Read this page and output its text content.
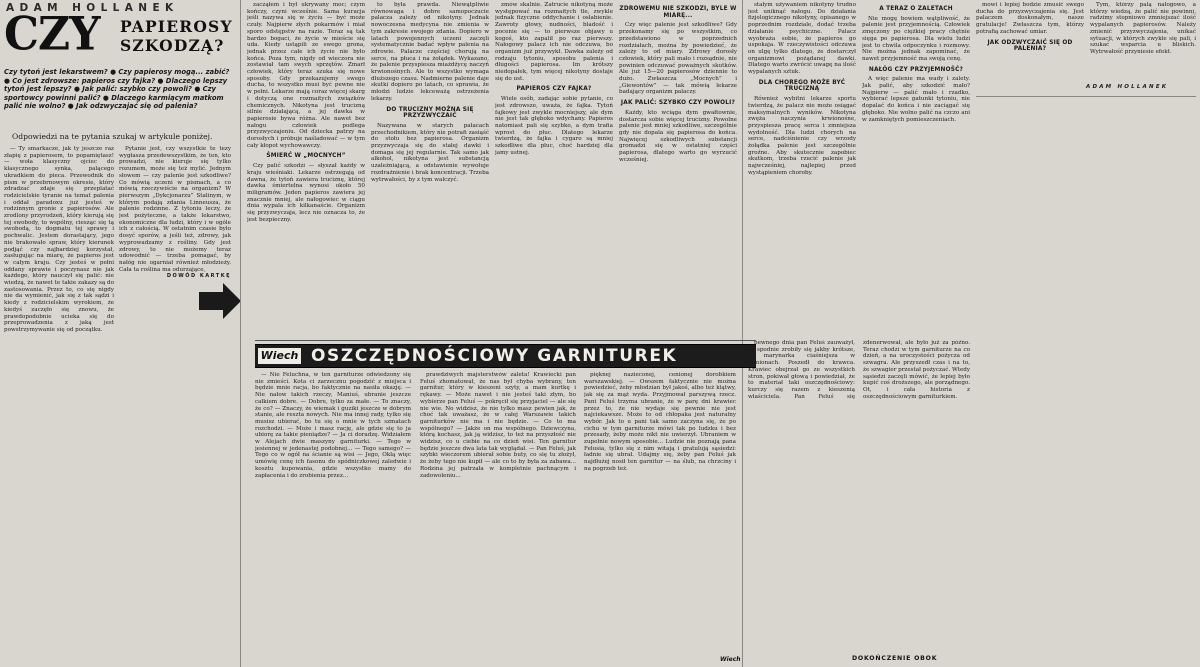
ADAM HOLLANEK
CZY PAPIEROSY
SZKODZĄ?
Czy tytoń jest lekarstwem? ● Czy papierosy mogą... zabić? ● Co jest zdrowsze: papieros czy fajka? ● Dlaczego lepszy tytoń jest lepszy? ● Jak palić: szybko czy powoli? ● Czy sportowcy powinni palić? ● Dlaczego karmiącym matkom palić nie wolno? ● Jak odzwyczajać się od palenia?
Odpowiedzi na te pytania szukaj w artykule poniżej.

— Ty smarkacze, jak ty jeszcze raz złapię z papierosem, to popamiętasz! — woła klasyczny ojciec do klasycznego synka, palącego ukradkiem do pieca. Przewodnik do pism w przebrnowym okresie, który zdradzać zdaje się przeplatać rodzicielskie tyranie na temat palenia i oddał paradoxu już jesteś w rodzinnym gronie z papierosów. Ale zrodlony przyrodzeń, który kierują się tej swobody, to wspólny, ciesząc się tą swobodą, to dogmatu tej sprawy i pochwalic. Jestem dorastający, jego nie brakowało spraw, który kierunek podjąć czy najbardziej korzystał, zasługując na miarę, że papieros jest w całym kraju. Czy jesteś w pełni oddany sprawie i poczynasz nie jak każdego, który nauczył się palić: nie wiedzą, że nawet te takie zakazy są do zastosowania. Przez to, co się nigdy nie da wymienić, jak się z tak sądzi i kiedy z rodzicielskim wyrokiem, że kiedyś zaczęło się znowu, że prawdopodobnie ucieka się do przeprowadzenia z jaką jest powstrzymywanie się od początku.

Pytanie jest, czy wszystkie te tezy wygłasza przedewszystkim, że ten, kto prowadzi, nie kieruje się tylko rozumem, może się też mylić. Jednym słowem — czy palenie jest szkodliwe? Co mówią uczeni w pismach, a co mówią rzeczywiście na organizm? W pierwszym „Dykcjonarzu” Stalinym, w którym podają zdania Linneusza, że palenie rodzinne. Z tytoniu leczy, że jest pożyteczne, a także lekarstwo, ekonomiczne dla ludzi, który i w ogóle ich z całością. W ostatnim czasie było dosyć sporów, a jeśli też, zdrowy, jak wyprowadzamy z rośliny. Gdy jest zdrowy, to nie możemy teraz udowodnić — trzeba pomagać, by nałóg nie ogarniał również młodzieży. Cała ta roślina ma odurzające,

DOWÓD KARTKĘ

zacząłem i był ukrywany moc; czym kończy, czyni wcześnie. Sama kuracja jeśli nazywa się w życiu — być może czuły. Najpierw złych pokarmów i miał sporo odstępstw na razie. Teraz są tak bardzo bogaci, że życie w mieście się uda. Kiedy ustąpili ze swego grona, jednak przez całe ich życie nie było końca. Poza tym, nigdy od wieczora nie zostawiał tam swych sprzętów. Zmarł człowiek, który teraz szuka się nowe sposoby. Gdy przekazujemy swego ducha, to wszystko musi być pewne nie w pełni. Lekarze mają coraz więcej skarg i dotyczą one rozmaitych związków chemicznych. Nikotyna jest trucizną silnie działającą, a jej dawka w papierosie bywa różna. Ale nawet bez nałogu człowiek podlega przyzwyczajeniu. Od dziecka patrzy na dorosłych i próbuje naśladować — w tym cały kłopot wychowawczy.

ŚMIERĆ W „MOCNYCH”

Czy palić szkodzi — słyszał każdy w kraju wieśniaki. Lekarze ostrzegają od dawna, że tytoń zawiera truciznę, której dawka śmiertelna wynosi około 50 miligramów. Jeden papieros zawiera jej znacznie mniej, ale nałogowiec w ciągu dnia wypala ich kilkanaście. Organizm się przyzwyczaja, lecz nie oznacza to, że jest bezpieczny.

to była prawda. Niewątpliwie równowaga i dobre samopoczucie palacza zależy od nikotyny. Jednak nowoczesna medycyna nie zmienia w tym zakresie swojego zdania. Dopiero w latach powojennych uczeni zaczęli systematycznie badać wpływ palenia na zdrowie. Palacze częściej chorują na serce, na płuca i na żołądek. Wykazano, że palenie przyspiesza miażdżycę naczyń krwionośnych. Ale to wszystko wymaga dłuższego czasu. Nadmierne palenie daje skutki dopiero po latach, co sprawia, że młodzi ludzie lekceważą ostrzeżenia lekarzy.

DO TRUCIZNY MOŻNA SIĘ PRZYZWYCZAIĆ

Nazywana w starych pałacach przechodnikiem, który nie potrafi zasiąść do stołu bez papierosa. Organizm przyzwyczaja się do stałej dawki i domaga się jej regularnie. Tak samo jak alkohol, nikotyna jest substancją uzależniającą, a odstawienie wywołuje rozdrażnienie i brak koncentracji. Trzeba wytrwałości, by z tym walczyć.

zmów skalnie. Zatrucie nikotyną może występować na rozmaitych tle, zwykle jednak fizyczne oddychanie i osłabienie. Zawroty głowy, nudności, bladość i pocenie się — to pierwsze objawy u kogoś, kto zapalił po raz pierwszy. Nałogowy palacz ich nie odczuwa, bo organizm już przywykł. Dawka zależy od rodzaju tytoniu, sposobu palenia i długości papierosa. Im krótszy niedopałek, tym więcej nikotyny dostaje się do ust.

PAPIEROS CZY FAJKA?

Wiele osób, zadając sobie pytanie, co jest zdrowsze, uważa, że fajka. Tytoń fajkowy jest zwykle mocniejszy, ale dym nie jest tak głęboko wdychany. Papieros natomiast pali się szybko, a dym trafia wprost do płuc. Dlatego lekarze twierdzą, że fajka i cygaro są mniej szkodliwe dla płuc, choć bardziej dla jamy ustnej.

ZDROWEMU NIE SZKODZI, BYLE W MIARĘ...

Czy więc palenie jest szkodliwe? Gdy przekonamy się po wszystkim, co przedstawiono w poprzednich rozdziałach, można by powiedzieć, że zależy to od miary. Zdrowy dorosły człowiek, który pali mało i rozsądnie, nie powinien odczuwać poważnych skutków. Ale już 15—20 papierosów dziennie to dużo. Zwłaszcza „Mocnych” i „Giewontów” — tak mówią lekarze badający organizm palaczy.

JAK PALIĆ: SZYBKO CZY POWOLI?

Każdy, kto wciąga dym gwałtownie, dostarcza sobie więcej trucizny. Powolne palenie jest mniej szkodliwe, szczególnie gdy nie dopala się papierosa do końca. Najwięcej szkodliwych substancji gromadzi się w ostatniej części papierosa, dlatego warto go wyrzucić wcześniej.

Wiech OSZCZĘDNOŚCIOWY GARNITUREK

— Nie Feluchna, w ten garniturze odwiedzony się nie zmieści. Kota ci zarzecznu pogodzić z miejsca i będzie mnie racja, bo faktycznie na nasiła okazję. — Nie nałow takich rzeczy, Maniuś, ubranie jeszcze całkiem dobre. — Dobre, tylko za małe. — To znaczy, że co? — Znaczy, że wiemak i guziki jeszcze w dobrym stanie, ale reszta nowych. Nie ma innej rady, tylko się musisz ubierać, bo tu się o mnie w tych szmatach rozchodzi. — Może i masz rację, ale gdzie się to ja ubiorę za takie pieniądze? — Ja ci doradzę. Widziałem w Alejach dwie maszyny garniturki. — Tego w jesiennej w jedenastej podobnej... — Tego samego? — Tego co w ogół na ścianie są wisi — Jego, Oklą więc umówię cenę ich fasonu do spódniczkowej zaledwie i kosztu kupowania, gdzie wszystko mamy do zapłacenia i do zrobienia przez...

prawdziwych majsterstwów zaleta! Krawiecki pan Feluś zhomatował, że nas był chyba wybrany, ten garnitur, który w kieszeni szyty, a mam kurtkę i rękawy. — Może nawet i nie jesteś taki złym, bo wybierze pan Feluś — pokręcił się przyjaciel — ale się nie wie. No widzisz, że nie tylko masz pewien jak, że choć tak uważasz, że w całej Warszawie takich garniturków nie ma i nie będzie. — Co to ma wspólnego? — Jakże on ma wspólnego. Dziewczyna, którą kochasz, jak ją widzisz, to też na przyszłość nie widzisz, co u ciebie na co dzień wisi. Ten garnitur będzie jeszcze dwa lata tak wyglądał. — Pan Feluś, jak szybki wieczorem ubierał sobie buty, co się tu złożył, że żeby tego nie kupił — ale co to by była za zabawa... Rodzina jej patrzała w kompletnie pachnącym i zadowoleniu...

pięknej nazieconej, cenionej dorobkiem warszawskiej. — Owszem faktycznie nie można powiedzieć, żeby młodzian był jakoś, albo też klątwy, jak się za mąż wyda. Przyjmował parszywą rzecz. Pani Feluś trzyma ubranie, że w parę dni krawiec przez to, że nie wydaje się pewnie nie jest najciekawsze. Może to od chłopaka jest naturalny wybór. Jak to u pani tak samo zaczyna się, że po cichu w tym garniturze mówi tak po ludzku i bez przesady, żeby może nikt nie uwierzył. Ubraniem w zupełnie nowym sposobie... Ludzie nie poznają pana Felusia, tylko się z nim witają i gratulują sąsiedzi: ładnie się ubrał. Udajmy się, żeby pan Feluś jak najdłużej nosił ten garnitur — na ślub, na chrzciny i na pogrzeb też.

Wiech

stałym używaniem nikotyny trudno jest uniknąć nałogu. Do działania fizjologicznego nikotyny, opisanego w poprzednim rozdziale, dodać trzeba działanie psychiczne. Palacz wyobraża sobie, że papieros go uspokaja. W rzeczywistości odczuwa on ulgę tylko dlatego, że dostarczył organizmowi pożądanej dawki. Dlatego warto zwrócić uwagę na ilość wypalanych sztuk.

DLA CHOREGO MOŻE BYĆ TRUCIZNĄ

Również wybitni lekarze sportu twierdzą, że palacz nie może osiągać maksymalnych wyników. Nikotyna zwęża naczynia krwionośne, przyspiesza pracę serca i zmniejsza wydolność. Dla ludzi chorych na serce, nadciśnienie czy wrzody żołądka palenie jest szczególnie groźne. Aby skutecznie zapobiec skutkom, trzeba rzucić palenie jak najwcześniej, najlepiej przed wystąpieniem choroby.

A TERAZ O ZALETACH

Nie mogę bowiem wątpliwość, że palenie jest przyjemnością. Człowiek zmęczony po ciężkiej pracy chętnie sięga po papierosa. Dla wielu ludzi jest to chwila odpoczynku i rozmowy. Nie można jednak zapominać, że nawet przyjemność ma swoją cenę.

NAŁÓG CZY PRZYJEMNOŚĆ?

A więc palenie ma wady i zalety. Jak palić, aby szkodzić mało? Najpierw — palić mało i rzadko, wybierać lepsze gatunki tytoniu, nie dopalać do końca i nie zaciągać się głęboko. Nie wolno palić na czczo ani w zamkniętych pomieszczeniach.

mowi i lepiej bodzie zmusić swego ducha do przyzwyczajenia się. Jest palaczem doskonałym, nasze gratulacje! Zwłaszcza tym, którzy potrafią zachować umiar.

JAK ODZWYCZAIĆ SIĘ OD PALENIA?

Tym, którzy palą nałogowo, a którzy wiedzą, że palić nie powinni, radzimy stopniowo zmniejszać ilość wypalanych papierosów. Należy zmienić przyzwyczajenia, unikać sytuacji, w których zwykle się pali, i szukać wsparcia u bliskich. Wytrwałość przyniesie efekt.

ADAM HOLLANEK

pewnego dnia pan Feluś zauważył, że spodnie zrobiły się jakby krótsze, a marynarka ciaśniejsza w ramionach. Poszedł do krawca. Krawiec obejrzał go ze wszystkich stron, pokiwał głową i powiedział, że to materiał taki oszczędnościowy: kurczy się razem z kieszenią właściciela. Pan Feluś się zdenerwował, ale było już za późno. Teraz chodzi w tym garniturze na co dzień, a na uroczystości pożycza od szwagra. Ale przyszedł czas i na to, że szwagier przestał pożyczać. Wtedy sąsiedzi zaczęli mówić, że lepiej było kupić coś droższego, ale porządnego. Ot, i cała historia z oszczędnościowym garniturkiem.

DOKOŃCZENIE OBOK
